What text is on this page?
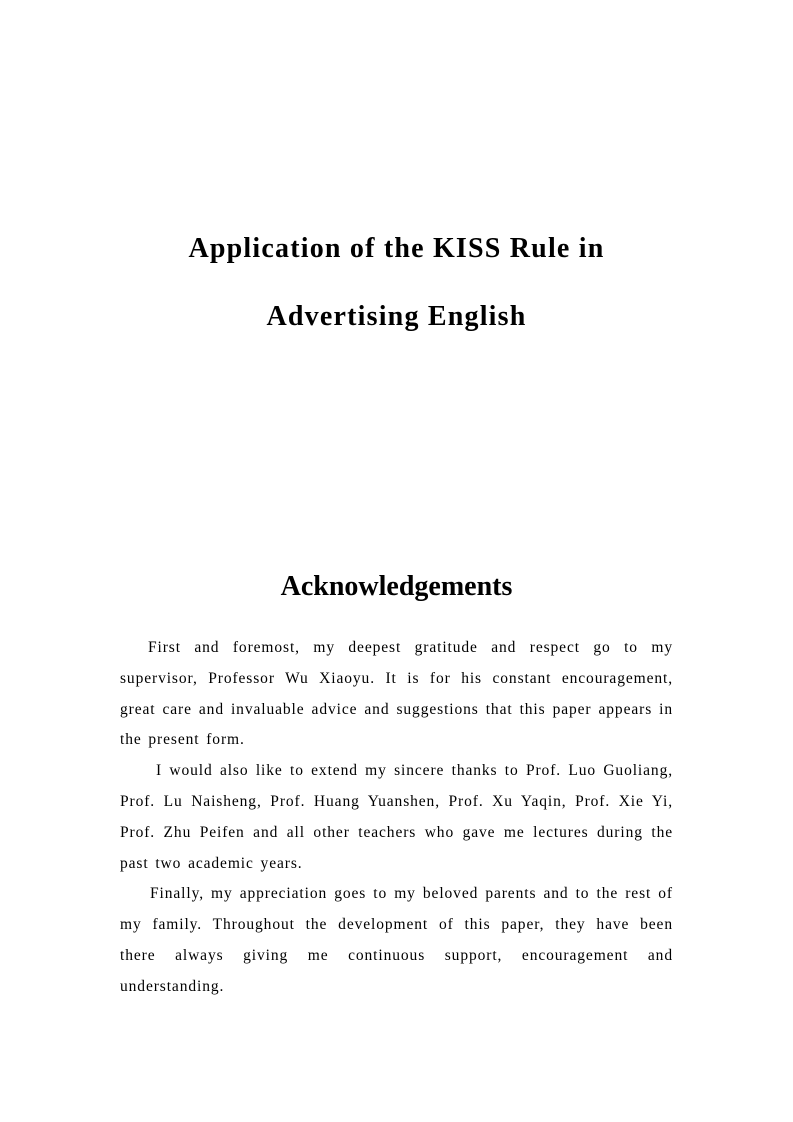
Application of the KISS Rule in
Advertising English
Acknowledgements

First and foremost, my deepest gratitude and respect go to my supervisor, Professor Wu Xiaoyu. It is for his constant encouragement, great care and invaluable advice and suggestions that this paper appears in the present form.

I would also like to extend my sincere thanks to Prof. Luo Guoliang, Prof. Lu Naisheng, Prof. Huang Yuanshen, Prof. Xu Yaqin, Prof. Xie Yi, Prof. Zhu Peifen and all other teachers who gave me lectures during the past two academic years.

Finally, my appreciation goes to my beloved parents and to the rest of my family. Throughout the development of this paper, they have been there always giving me continuous support, encouragement and understanding.
